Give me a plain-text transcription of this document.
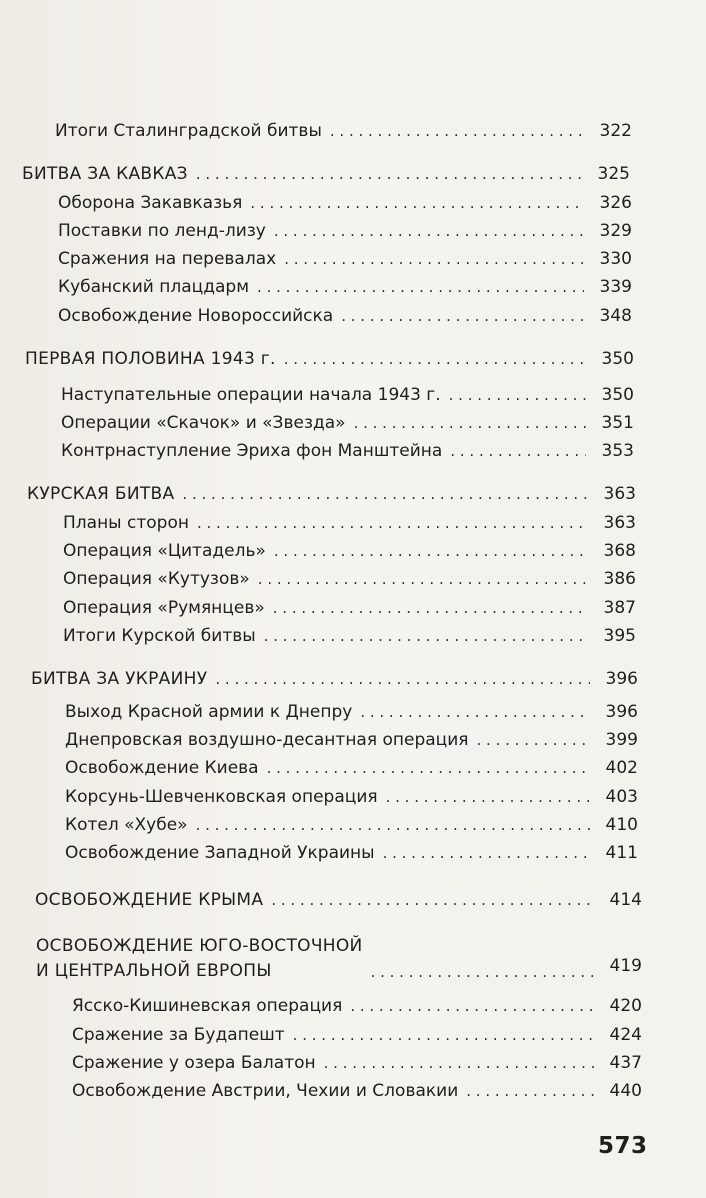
Итоги Сталинградской битвы . . .	322
БИТВА ЗА КАВКАЗ . . .	325
Оборона Закавказья . . .	326
Поставки по ленд-лизу . . .	329
Сражения на перевалах . . .	330
Кубанский плацдарм . . .	339
Освобождение Новороссийска . . .	348
ПЕРВАЯ ПОЛОВИНА 1943 г. . . .	350
Наступательные операции начала 1943 г. . . .	350
Операции «Скачок» и «Звезда» . . .	351
Контрнаступление Эриха фон Манштейна . . .	353
КУРСКАЯ БИТВА . . .	363
Планы сторон . . .	363
Операция «Цитадель» . . .	368
Операция «Кутузов» . . .	386
Операция «Румянцев» . . .	387
Итоги Курской битвы . . .	395
БИТВА ЗА УКРАИНУ . . .	396
Выход Красной армии к Днепру . . .	396
Днепровская воздушно-десантная операция . . .	399
Освобождение Киева . . .	402
Корсунь-Шевченковская операция . . .	403
Котел «Хубе» . . .	410
Освобождение Западной Украины . . .	411
ОСВОБОЖДЕНИЕ КРЫМА . . .	414
ОСВОБОЖДЕНИЕ ЮГО-ВОСТОЧНОЙ
И ЦЕНТРАЛЬНОЙ ЕВРОПЫ . . .	419
Ясско-Кишиневская операция . . .	420
Сражение за Будапешт . . .	424
Сражение у озера Балатон . . .	437
Освобождение Австрии, Чехии и Словакии . . .	440
573
